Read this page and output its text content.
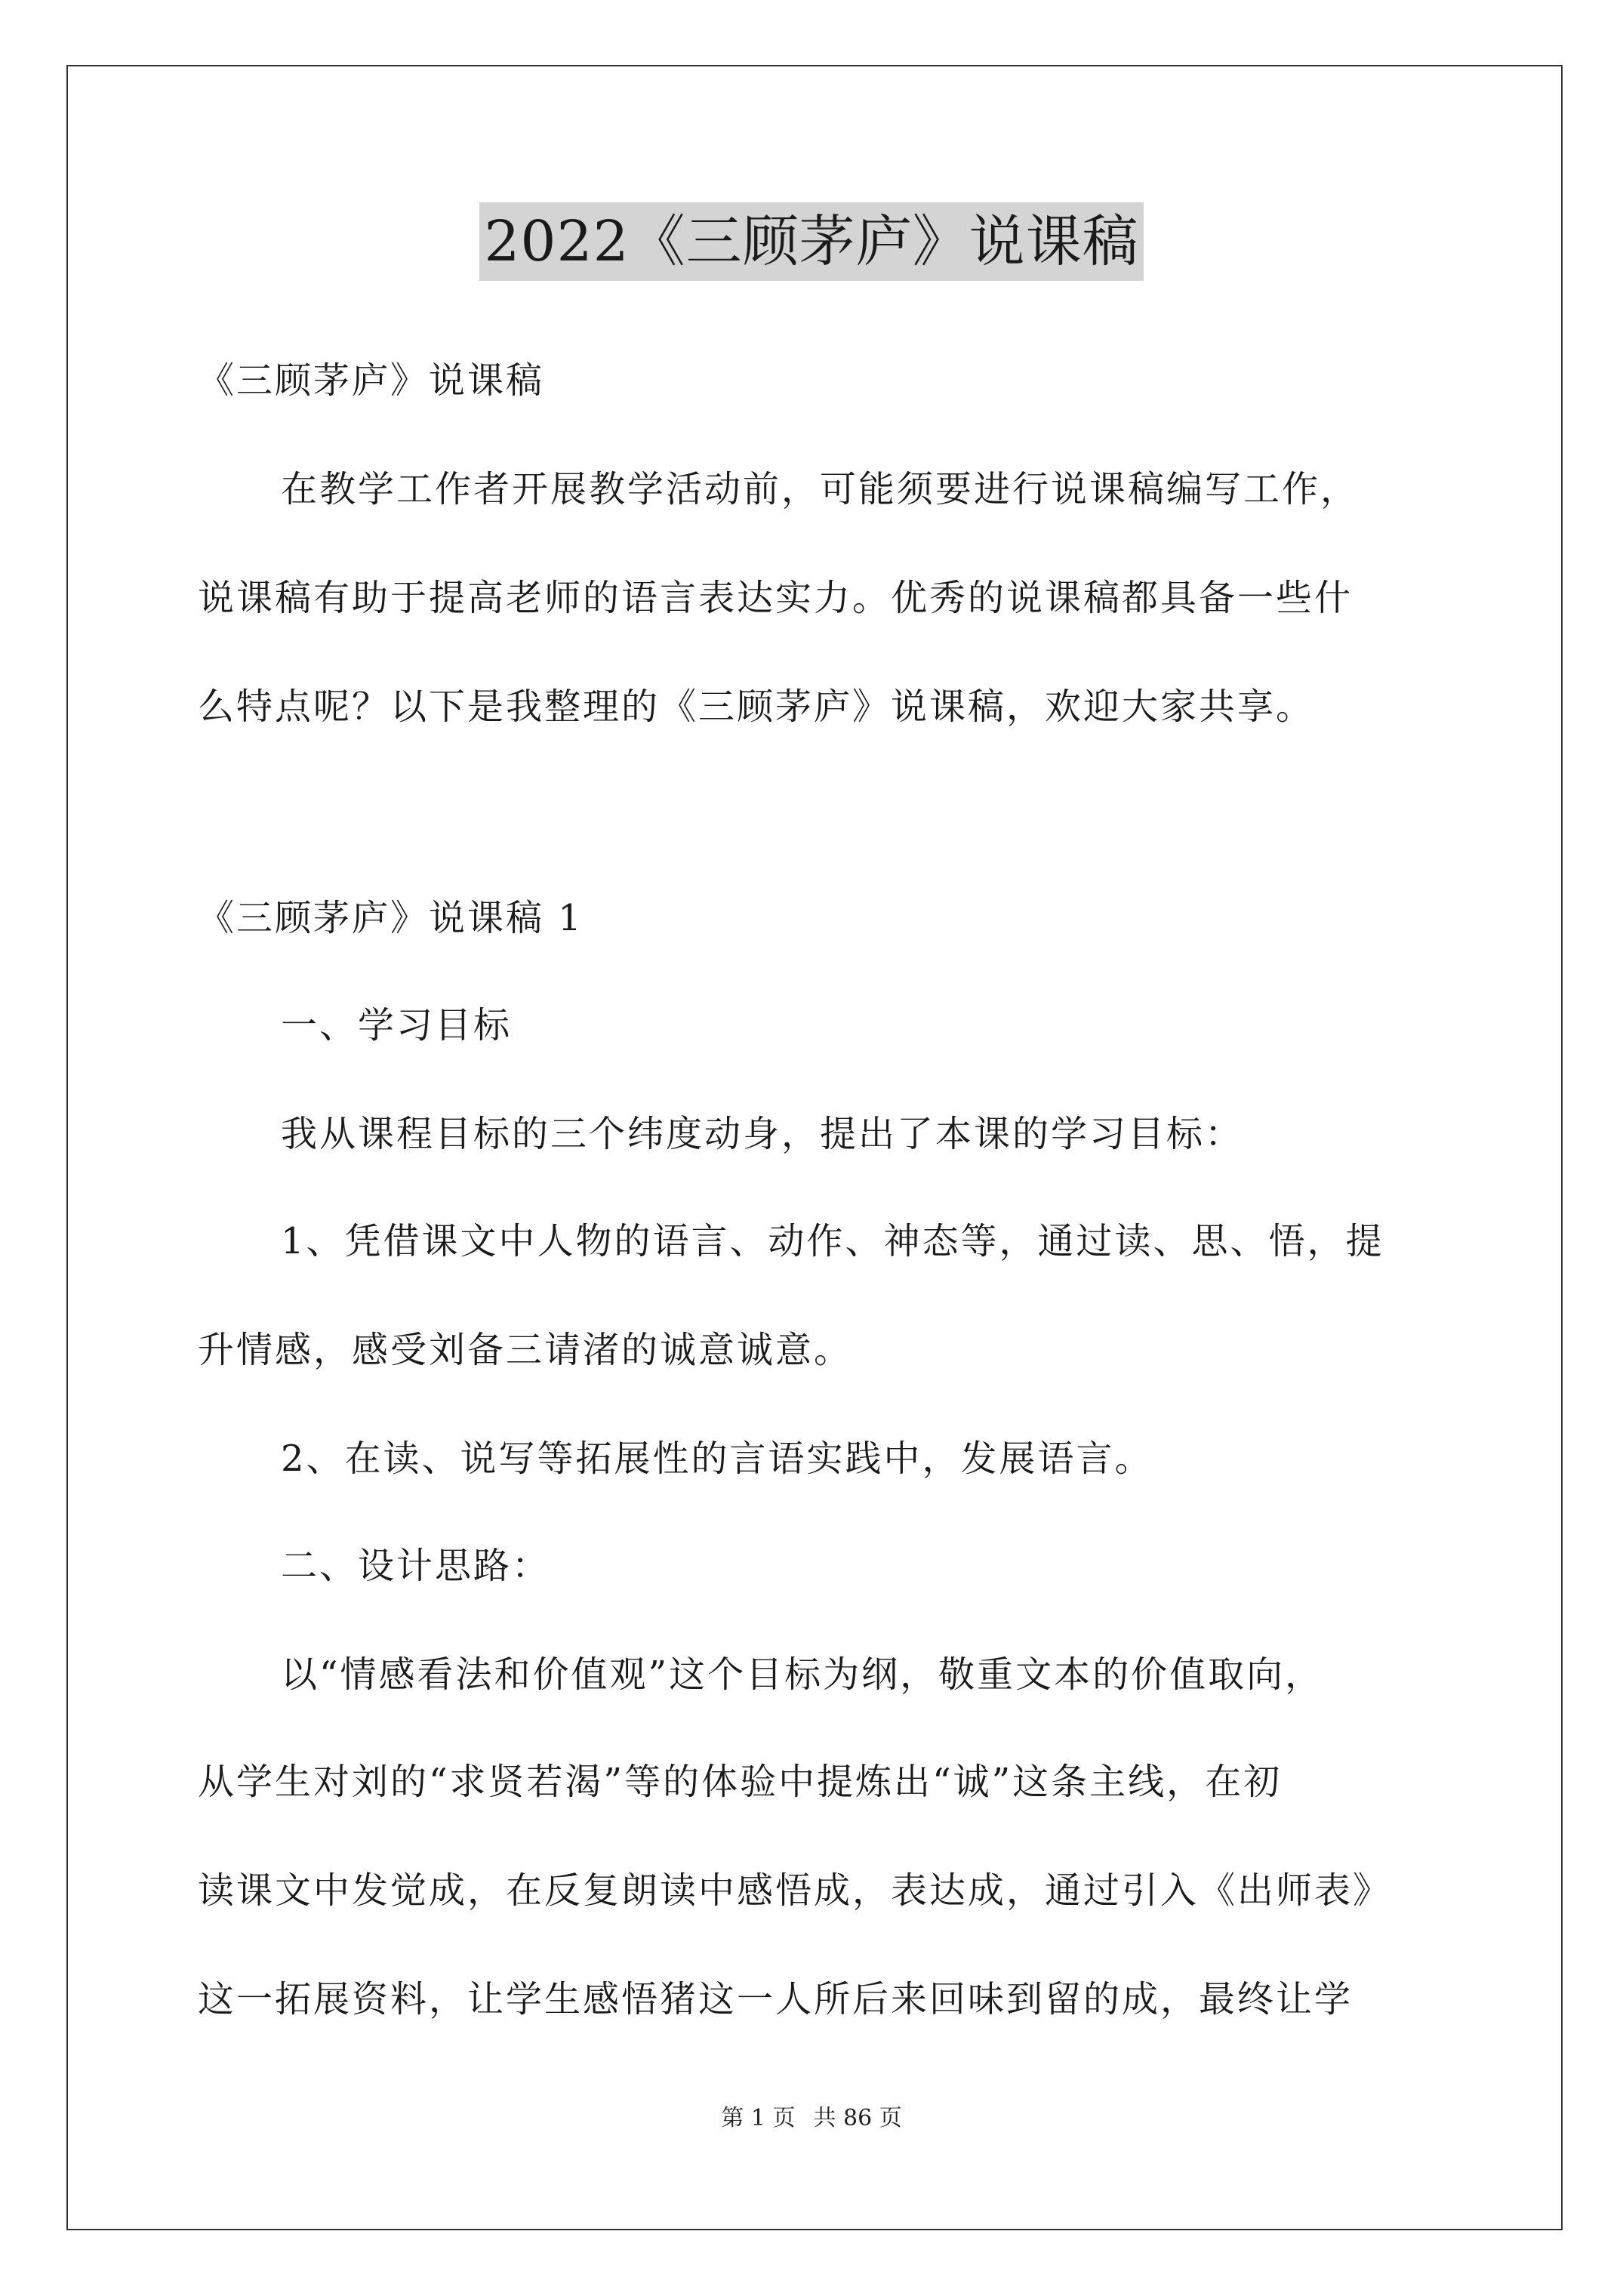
2022《三顾茅庐》说课稿
《三顾茅庐》说课稿
在教学工作者开展教学活动前，可能须要进行说课稿编写工作，
说课稿有助于提高老师的语言表达实力。优秀的说课稿都具备一些什
么特点呢？以下是我整理的《三顾茅庐》说课稿，欢迎大家共享。
《三顾茅庐》说课稿 1
一、学习目标
我从课程目标的三个纬度动身，提出了本课的学习目标：
1、凭借课文中人物的语言、动作、神态等，通过读、思、悟，提
升情感，感受刘备三请渚的诚意诚意。
2、在读、说写等拓展性的言语实践中，发展语言。
二、设计思路：
以“情感看法和价值观”这个目标为纲，敬重文本的价值取向，
从学生对刘的“求贤若渴”等的体验中提炼出“诚”这条主线，在初
读课文中发觉成，在反复朗读中感悟成，表达成，通过引入《出师表》
这一拓展资料，让学生感悟猪这一人所后来回味到留的成，最终让学
第 1 页 共 86 页
